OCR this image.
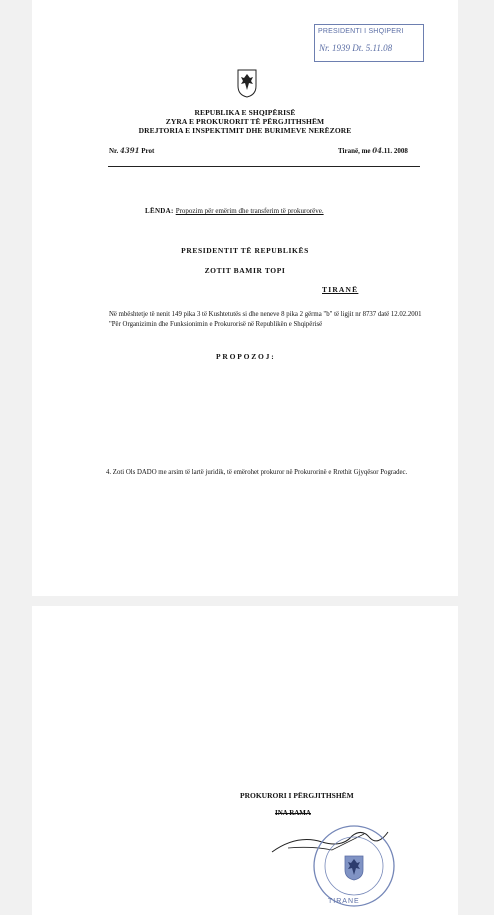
PRESIDENTI I SHQIPERI
Nr. 1939 Dt. 5.11.08
REPUBLIKA E SHQIPËRISË
ZYRA E PROKURORIT TË PËRGJITHSHËM
DREJTORIA E INSPEKTIMIT DHE BURIMEVE NERËZORE
Nr. 4391 Prot	Tiranë, me 04.11. 2008
LËNDA: Propozim për emërim dhe transferim të prokurorëve.
PRESIDENTIT TË REPUBLIKËS
ZOTIT BAMIR TOPI
TIRANË
Në mbështetje të nenit 149 pika 3 të Kushtetutës si dhe neneve 8 pika 2 gërma "b" të ligjit nr 8737 datë 12.02.2001 "Për Organizimin dhe Funksionimin e Prokurorisë në Republikën e Shqipërisë
PROPOZOJ:
4. Zoti Ols DADO me arsim të lartë juridik, të emërohet prokuror në Prokurorinë e Rrethit Gjyqësor Pogradec.
PROKURORI I PËRGJITHSHËM
INA RAMA
TIRANE
